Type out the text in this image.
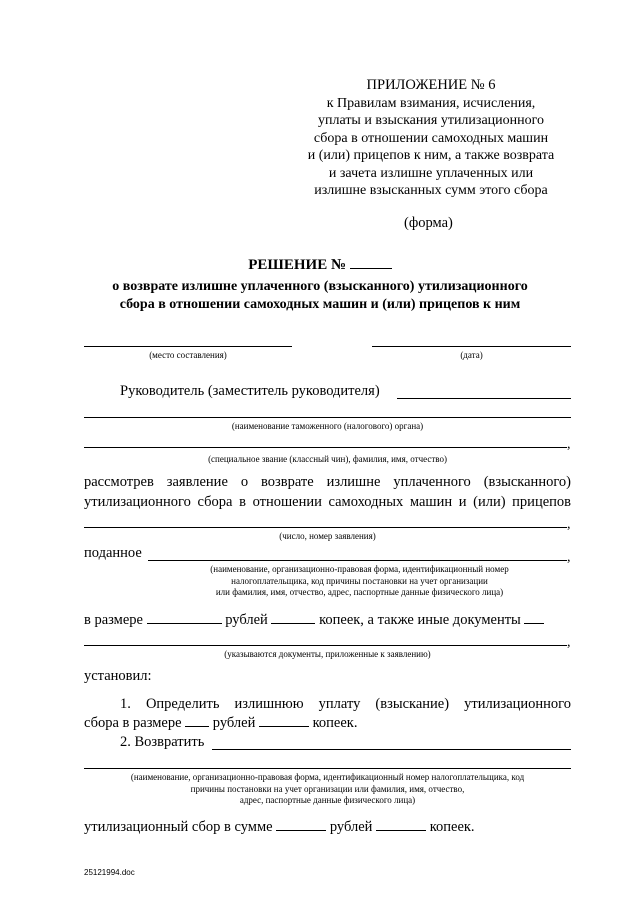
ПРИЛОЖЕНИЕ № 6
к Правилам взимания, исчисления,
уплаты и взыскания утилизационного
сбора в отношении самоходных машин
и (или) прицепов к ним, а также возврата
и зачета излишне уплаченных или
излишне взысканных сумм этого сбора
(форма)
РЕШЕНИЕ №
о возврате излишне уплаченного (взысканного) утилизационного
сбора в отношении самоходных машин и (или) прицепов к ним
(место составления)	(дата)
Руководитель (заместитель руководителя)
(наименование таможенного (налогового) органа)
,
(специальное звание (классный чин), фамилия, имя, отчество)
рассмотрев заявление о возврате излишне уплаченного (взысканного)
утилизационного сбора в отношении самоходных машин и (или) прицепов
,
(число, номер заявления)
поданное	,
(наименование, организационно-правовая форма, идентификационный номер
налогоплательщика, код причины постановки на учет организации
или фамилия, имя, отчество, адрес, паспортные данные физического лица)
в размере	рублей	копеек, а также иные документы
,
(указываются документы, приложенные к заявлению)
установил:
1. Определить излишнюю уплату (взыскание) утилизационного
сбора в размере рублей	копеек.
2. Возвратить
(наименование, организационно-правовая форма, идентификационный номер налогоплательщика, код
причины постановки на учет организации или фамилия, имя, отчество,
адрес, паспортные данные физического лица)
утилизационный сбор в сумме	рублей	копеек.
25121994.doc
